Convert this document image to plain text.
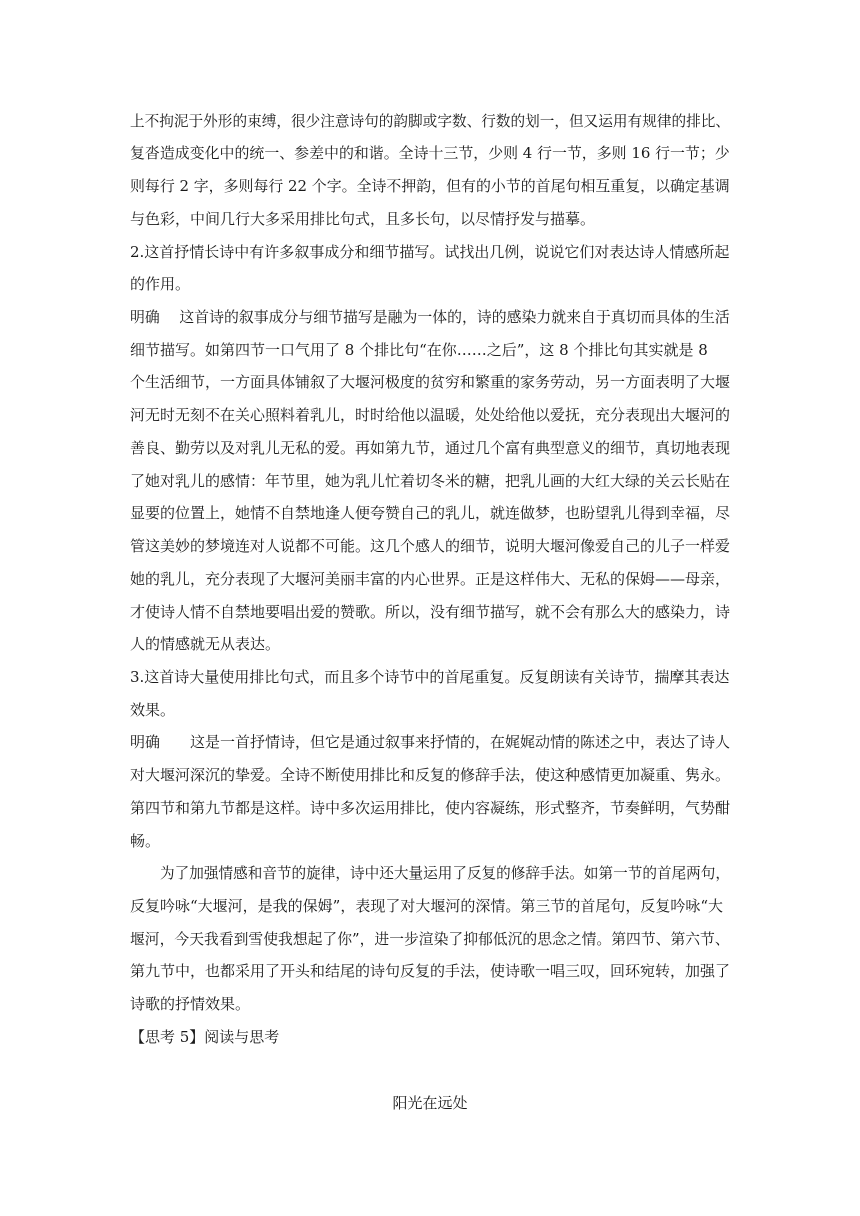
上不拘泥于外形的束缚，很少注意诗句的韵脚或字数、行数的划一，但又运用有规律的排比、
复沓造成变化中的统一、参差中的和谐。全诗十三节，少则 4 行一节，多则 16 行一节；少
则每行 2 字，多则每行 22 个字。全诗不押韵，但有的小节的首尾句相互重复，以确定基调
与色彩，中间几行大多采用排比句式，且多长句，以尽情抒发与描摹。
2.这首抒情长诗中有许多叙事成分和细节描写。试找出几例，说说它们对表达诗人情感所起
的作用。
明确　 这首诗的叙事成分与细节描写是融为一体的，诗的感染力就来自于真切而具体的生活
细节描写。如第四节一口气用了 8 个排比句“在你……之后”，这 8 个排比句其实就是 8
个生活细节，一方面具体铺叙了大堰河极度的贫穷和繁重的家务劳动，另一方面表明了大堰
河无时无刻不在关心照料着乳儿，时时给他以温暖，处处给他以爱抚，充分表现出大堰河的
善良、勤劳以及对乳儿无私的爱。再如第九节，通过几个富有典型意义的细节，真切地表现
了她对乳儿的感情：年节里，她为乳儿忙着切冬米的糖，把乳儿画的大红大绿的关云长贴在
显要的位置上，她情不自禁地逢人便夸赞自己的乳儿，就连做梦，也盼望乳儿得到幸福，尽
管这美妙的梦境连对人说都不可能。这几个感人的细节，说明大堰河像爱自己的儿子一样爱
她的乳儿，充分表现了大堰河美丽丰富的内心世界。正是这样伟大、无私的保姆——母亲，
才使诗人情不自禁地要唱出爱的赞歌。所以，没有细节描写，就不会有那么大的感染力，诗
人的情感就无从表达。
3.这首诗大量使用排比句式，而且多个诗节中的首尾重复。反复朗读有关诗节，揣摩其表达
效果。
明确　　这是一首抒情诗，但它是通过叙事来抒情的，在娓娓动情的陈述之中，表达了诗人
对大堰河深沉的挚爱。全诗不断使用排比和反复的修辞手法，使这种感情更加凝重、隽永。
第四节和第九节都是这样。诗中多次运用排比，使内容凝练，形式整齐，节奏鲜明，气势酣
畅。
为了加强情感和音节的旋律，诗中还大量运用了反复的修辞手法。如第一节的首尾两句，
反复吟咏“大堰河，是我的保姆”，表现了对大堰河的深情。第三节的首尾句，反复吟咏“大
堰河，今天我看到雪使我想起了你”，进一步渲染了抑郁低沉的思念之情。第四节、第六节、
第九节中，也都采用了开头和结尾的诗句反复的手法，使诗歌一唱三叹，回环宛转，加强了
诗歌的抒情效果。
【思考 5】阅读与思考
阳光在远处
